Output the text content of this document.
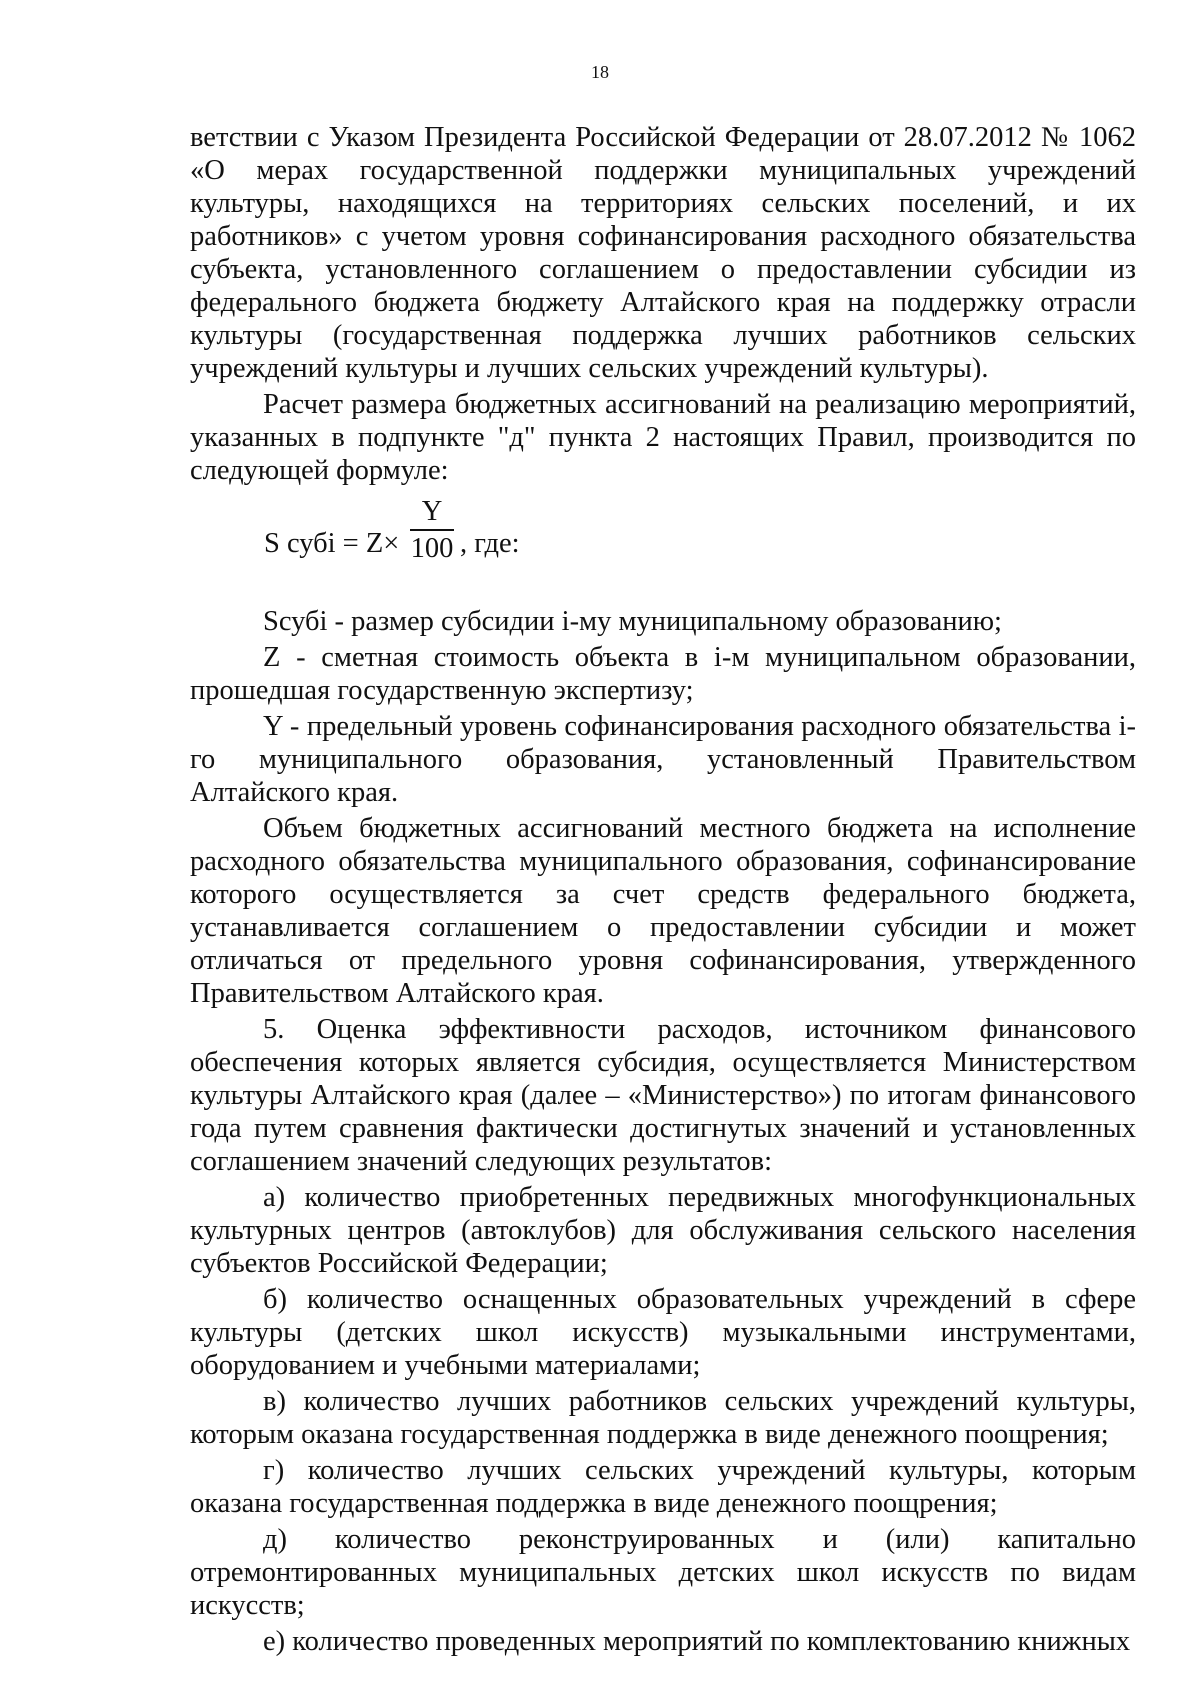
18

ветствии с Указом Президента Российской Федерации от 28.07.2012 № 1062 «О мерах государственной поддержки муниципальных учреждений культуры, находящихся на территориях сельских поселений, и их работников» с учетом уровня софинансирования расходного обязательства субъекта, установленного соглашением о предоставлении субсидии из федерального бюджета бюджету Алтайского края на поддержку отрасли культуры (государственная поддержка лучших работников сельских учреждений культуры и лучших сельских учреждений культуры).

Расчет размера бюджетных ассигнований на реализацию мероприятий, указанных в подпункте "д" пункта 2 настоящих Правил, производится по следующей формуле:

S субi = Z×
Y
100 , где:

Sсубi - размер субсидии i-му муниципальному образованию;

Z - сметная стоимость объекта в i-м муниципальном образовании, прошедшая государственную экспертизу;

Y - предельный уровень софинансирования расходного обязательства i-го муниципального образования, установленный Правительством Алтайского края.

Объем бюджетных ассигнований местного бюджета на исполнение расходного обязательства муниципального образования, софинансирование которого осуществляется за счет средств федерального бюджета, устанавливается соглашением о предоставлении субсидии и может отличаться от предельного уровня софинансирования, утвержденного Правительством Алтайского края.

5. Оценка эффективности расходов, источником финансового обеспечения которых является субсидия, осуществляется Министерством культуры Алтайского края (далее – «Министерство») по итогам финансового года путем сравнения фактически достигнутых значений и установленных соглашением значений следующих результатов:

а) количество приобретенных передвижных многофункциональных культурных центров (автоклубов) для обслуживания сельского населения субъектов Российской Федерации;

б) количество оснащенных образовательных учреждений в сфере культуры (детских школ искусств) музыкальными инструментами, оборудованием и учебными материалами;

в) количество лучших работников сельских учреждений культуры, которым оказана государственная поддержка в виде денежного поощрения;

г) количество лучших сельских учреждений культуры, которым оказана государственная поддержка в виде денежного поощрения;

д) количество реконструированных и (или) капитально отремонтированных муниципальных детских школ искусств по видам искусств;

е) количество проведенных мероприятий по комплектованию книжных
